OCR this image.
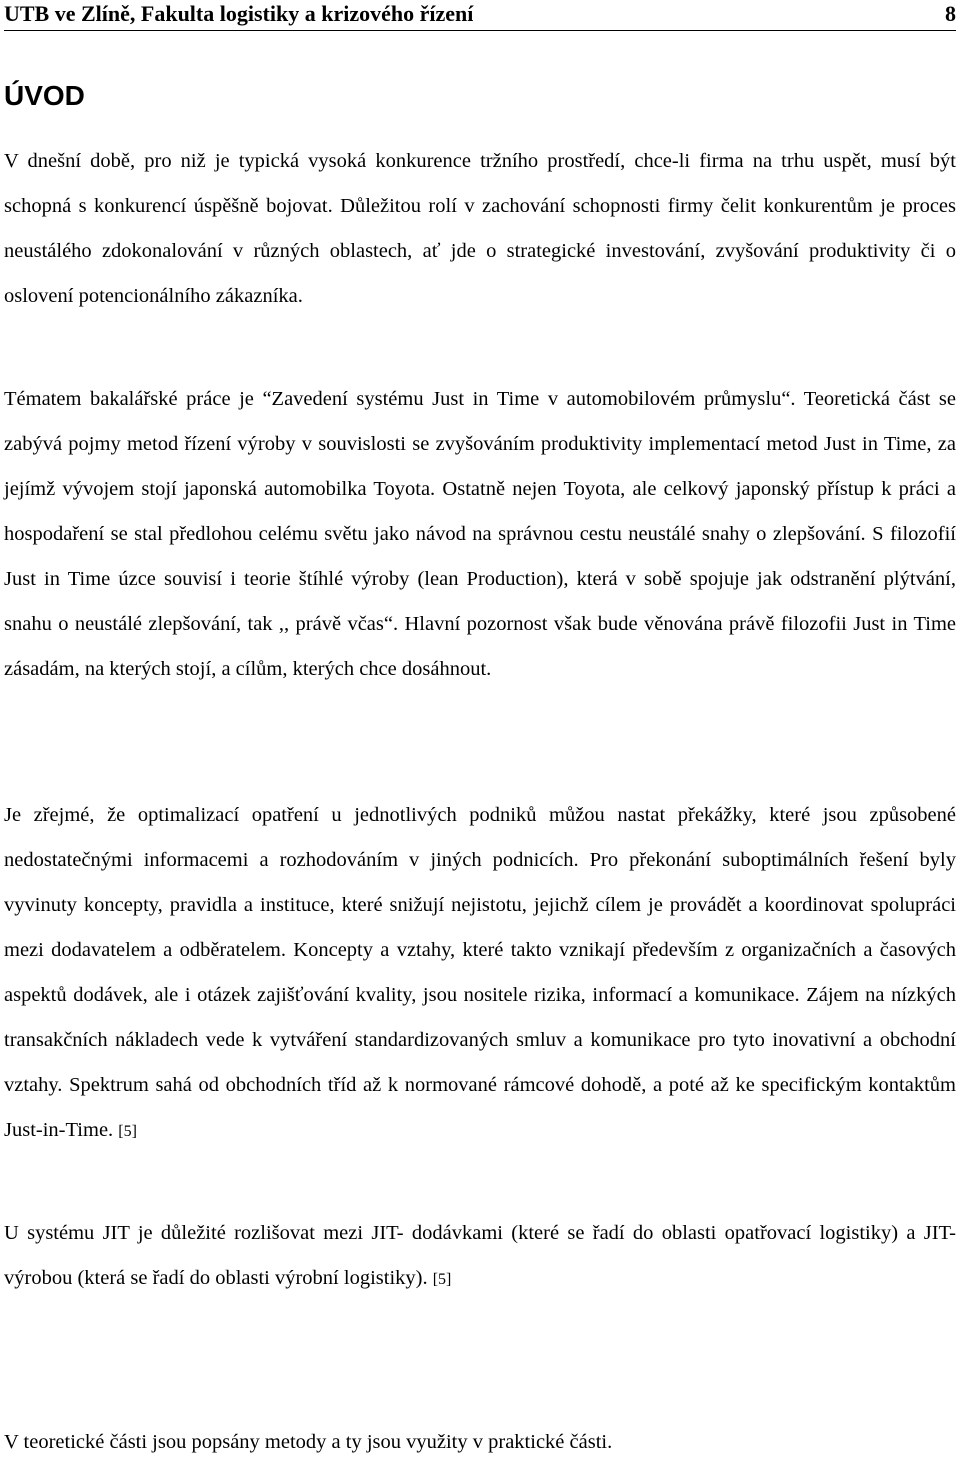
UTB ve Zlíně, Fakulta logistiky a krizového řízení	8
ÚVOD

V dnešní době, pro niž je typická vysoká konkurence tržního prostředí, chce-li firma na trhu uspět, musí být schopná s konkurencí úspěšně bojovat. Důležitou rolí v zachování schopnosti firmy čelit konkurentům je proces neustálého zdokonalování v různých oblastech, ať jde o strategické investování, zvyšování produktivity či o oslovení potencionálního zákazníka.

Tématem bakalářské práce je “Zavedení systému Just in Time v automobilovém průmyslu“. Teoretická část se zabývá pojmy metod řízení výroby v souvislosti se zvyšováním produktivity implementací metod Just in Time, za jejímž vývojem stojí japonská automobilka Toyota. Ostatně nejen Toyota, ale celkový japonský přístup k práci a hospodaření se stal předlohou celému světu jako návod na správnou cestu neustálé snahy o zlepšování. S filozofií Just in Time úzce souvisí i teorie štíhlé výroby (lean Production), která v sobě spojuje jak odstranění plýtvání, snahu o neustálé zlepšování, tak ,, právě včas“. Hlavní pozornost však bude věnována právě filozofii Just in Time zásadám, na kterých stojí, a cílům, kterých chce dosáhnout.

Je zřejmé, že optimalizací opatření u jednotlivých podniků můžou nastat překážky, které jsou způsobené nedostatečnými informacemi a rozhodováním v jiných podnicích. Pro překonání suboptimálních řešení byly vyvinuty koncepty, pravidla a instituce, které snižují nejistotu, jejichž cílem je provádět a koordinovat spolupráci mezi dodavatelem a odběratelem. Koncepty a vztahy, které takto vznikají především z organizačních a časových aspektů dodávek, ale i otázek zajišťování kvality, jsou nositele rizika, informací a komunikace. Zájem na nízkých transakčních nákladech vede k vytváření standardizovaných smluv a komunikace pro tyto inovativní a obchodní vztahy. Spektrum sahá od obchodních tříd až k normované rámcové dohodě, a poté až ke specifickým kontaktům Just-in-Time. [5]

U systému JIT je důležité rozlišovat mezi JIT- dodávkami (které se řadí do oblasti opatřovací logistiky) a JIT- výrobou (která se řadí do oblasti výrobní logistiky). [5]

V teoretické části jsou popsány metody a ty jsou využity v praktické části.
